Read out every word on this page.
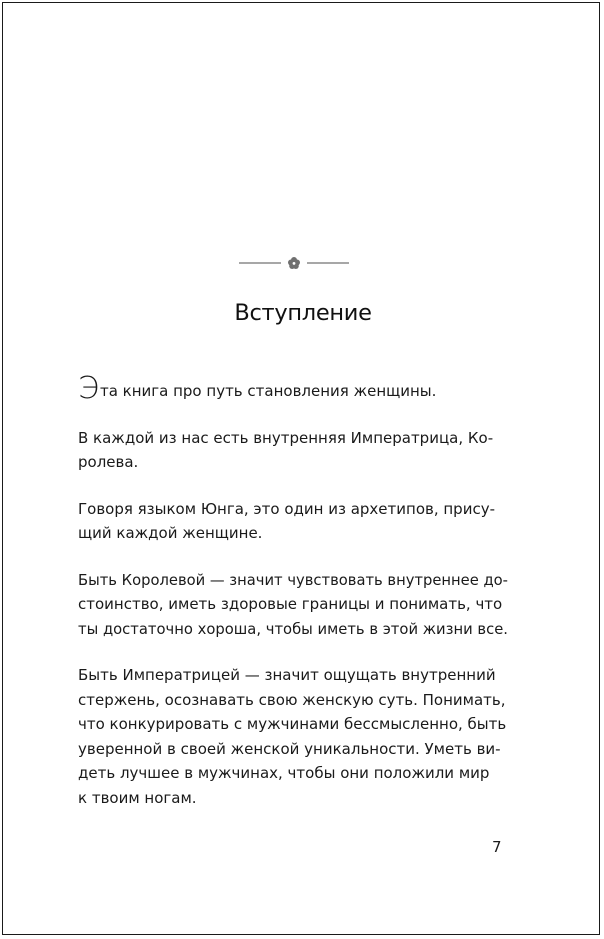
Вступление

Эта книга про путь становления женщины.

В каждой из нас есть внутренняя Императрица, Ко-
ролева.

Говоря языком Юнга, это один из архетипов, прису-
щий каждой женщине.

Быть Королевой — значит чувствовать внутреннее до-
стоинство, иметь здоровые границы и понимать, что
ты достаточно хороша, чтобы иметь в этой жизни все.

Быть Императрицей — значит ощущать внутренний
стержень, осознавать свою женскую суть. Понимать,
что конкурировать с мужчинами бессмысленно, быть
уверенной в своей женской уникальности. Уметь ви-
деть лучшее в мужчинах, чтобы они положили мир
к твоим ногам.

7
